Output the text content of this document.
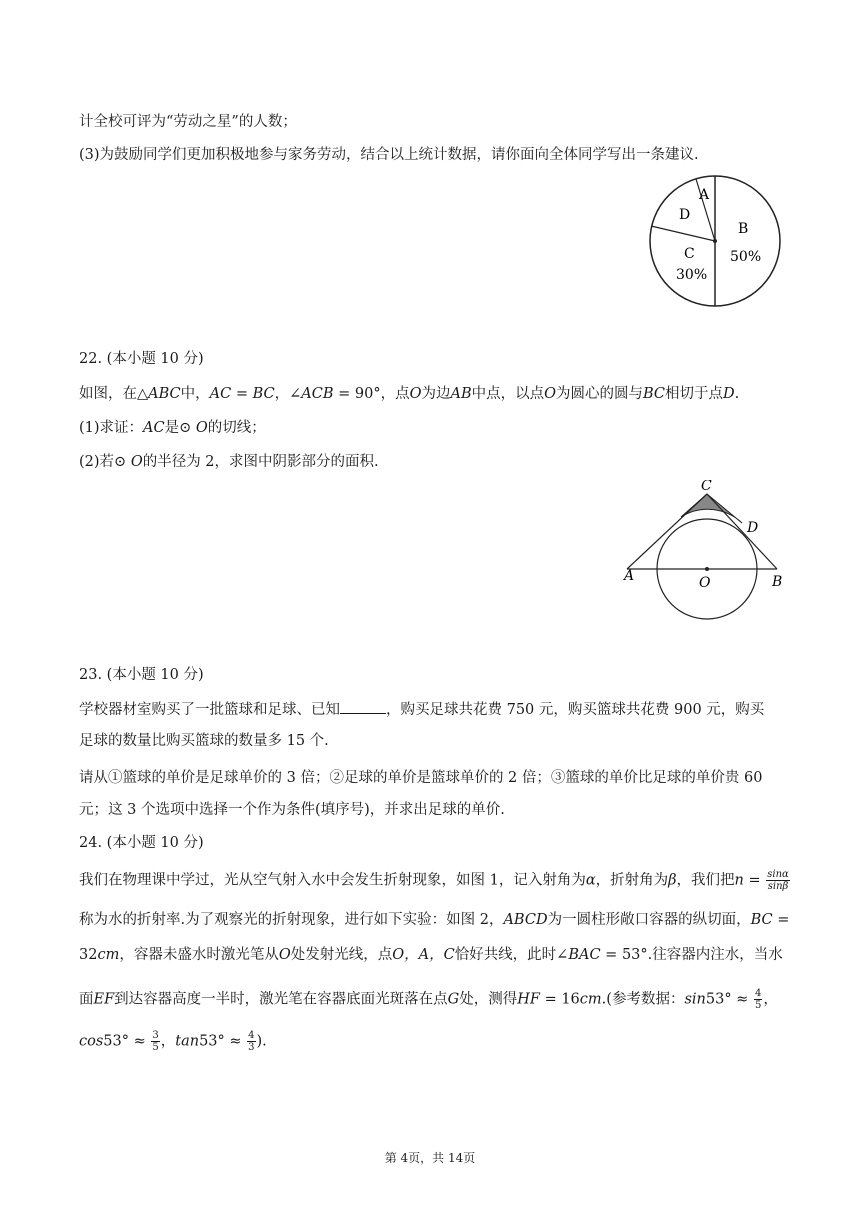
计全校可评为“劳动之星”的人数；
(3)为鼓励同学们更加积极地参与家务劳动，结合以上统计数据，请你面向全体同学写出一条建议.
A
D
B
50%
C
30%
22. (本小题 10 分)
如图，在△ABC中，AC = BC，∠ACB = 90°，点O为边AB中点，以点O为圆心的圆与BC相切于点D.
(1)求证：AC是⊙ O的切线；
(2)若⊙ O的半径为 2，求图中阴影部分的面积.
C
D
A	O	B
23. (本小题 10 分)
学校器材室购买了一批篮球和足球、已知	，购买足球共花费 750 元，购买篮球共花费 900 元，购买
足球的数量比购买篮球的数量多 15 个.
请从①篮球的单价是足球单价的 3 倍；②足球的单价是篮球单价的 2 倍；③篮球的单价比足球的单价贵 60
元；这 3 个选项中选择一个作为条件(填序号)，并求出足球的单价.
24. (本小题 10 分)
我们在物理课中学过，光从空气射入水中会发生折射现象，如图 1，记入射角为α，折射角为β，我们把$n = \frac{\sin\alpha}{\sin\beta}$
称为水的折射率.为了观察光的折射现象，进行如下实验：如图 2，ABCD为一圆柱形敞口容器的纵切面，BC =
32cm，容器未盛水时激光笔从O处发射光线，点O，A，C恰好共线，此时∠BAC = 53°.往容器内注水，当水
面EF到达容器高度一半时，激光笔在容器底面光斑落在点G处，测得HF = 16cm.(参考数据：$\sin 53^\circ \approx \frac{4}{5}$ ，
$\cos 53^\circ \approx \frac{3}{5}$ ，$\tan 53^\circ \approx \frac{4}{3}$ ).
第 4页，共 14页
